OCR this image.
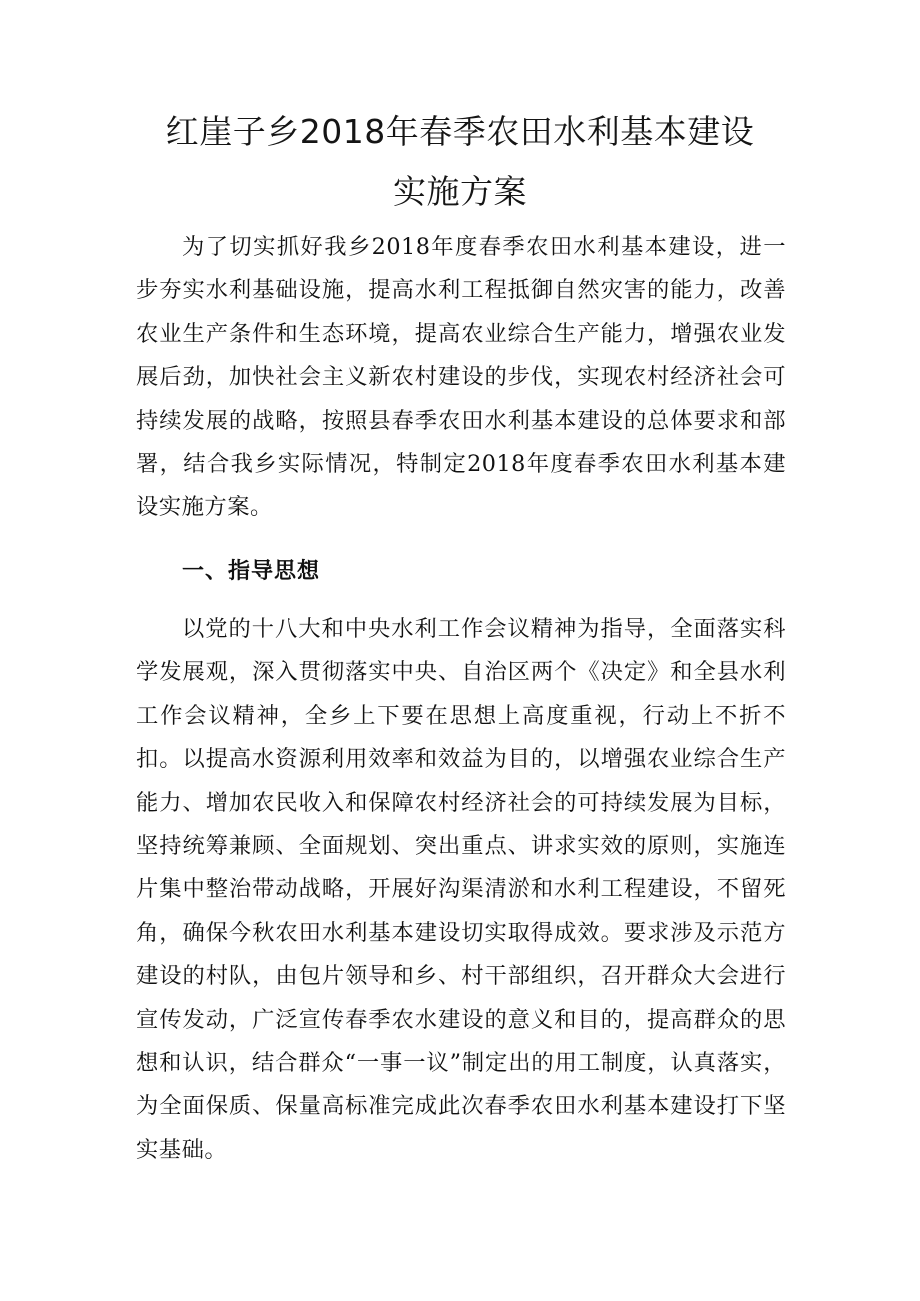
红崖子乡2018年春季农田水利基本建设
实施方案

为了切实抓好我乡2018年度春季农田水利基本建设，进一步夯实水利基础设施，提高水利工程抵御自然灾害的能力，改善农业生产条件和生态环境，提高农业综合生产能力，增强农业发展后劲，加快社会主义新农村建设的步伐，实现农村经济社会可持续发展的战略，按照县春季农田水利基本建设的总体要求和部署，结合我乡实际情况，特制定2018年度春季农田水利基本建设实施方案。

一、指导思想

以党的十八大和中央水利工作会议精神为指导，全面落实科学发展观，深入贯彻落实中央、自治区两个《决定》和全县水利工作会议精神，全乡上下要在思想上高度重视，行动上不折不扣。以提高水资源利用效率和效益为目的，以增强农业综合生产能力、增加农民收入和保障农村经济社会的可持续发展为目标，坚持统筹兼顾、全面规划、突出重点、讲求实效的原则，实施连片集中整治带动战略，开展好沟渠清淤和水利工程建设，不留死角，确保今秋农田水利基本建设切实取得成效。要求涉及示范方建设的村队，由包片领导和乡、村干部组织，召开群众大会进行宣传发动，广泛宣传春季农水建设的意义和目的，提高群众的思想和认识，结合群众“一事一议”制定出的用工制度，认真落实，为全面保质、保量高标准完成此次春季农田水利基本建设打下坚实基础。
